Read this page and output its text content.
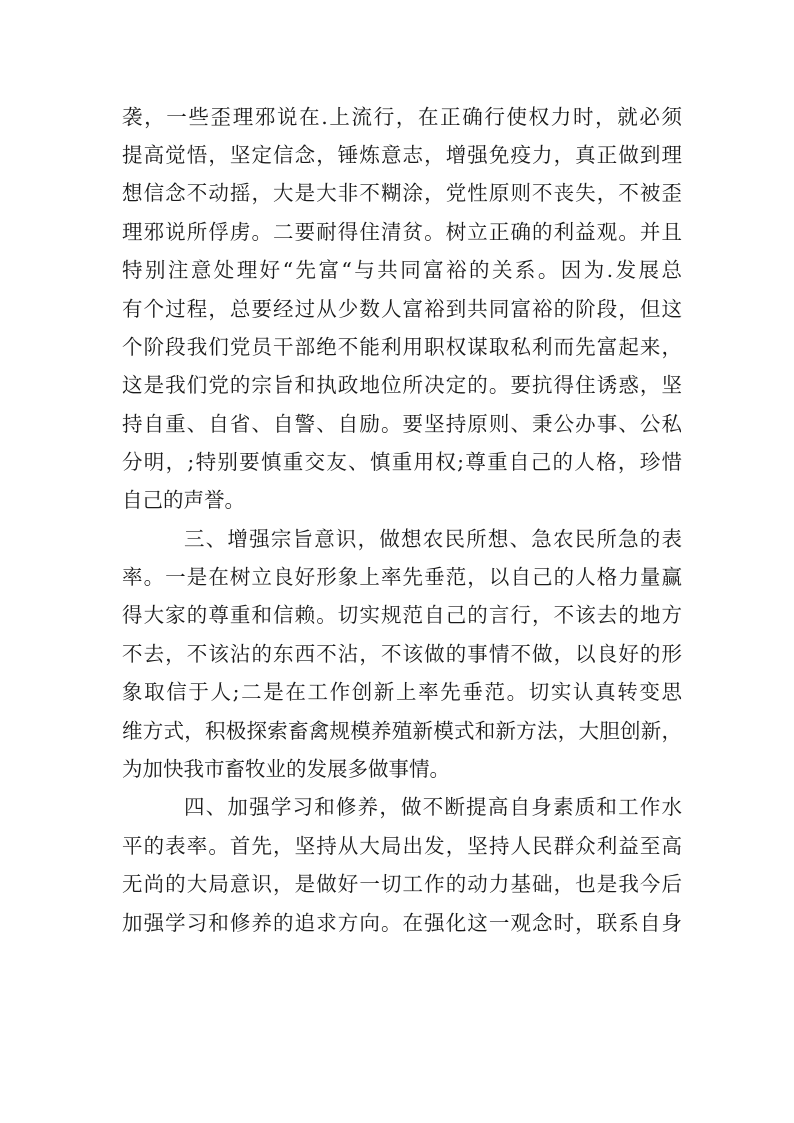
袭，一些歪理邪说在.上流行，在正确行使权力时，就必须
提高觉悟，坚定信念，锤炼意志，增强免疫力，真正做到理
想信念不动摇，大是大非不糊涂，党性原则不丧失，不被歪
理邪说所俘虏。二要耐得住清贫。树立正确的利益观。并且
特别注意处理好“先富“与共同富裕的关系。因为.发展总
有个过程，总要经过从少数人富裕到共同富裕的阶段，但这
个阶段我们党员干部绝不能利用职权谋取私利而先富起来，
这是我们党的宗旨和执政地位所决定的。要抗得住诱惑，坚
持自重、自省、自警、自励。要坚持原则、秉公办事、公私
分明，;特别要慎重交友、慎重用权;尊重自己的人格，珍惜
自己的声誉。
三、增强宗旨意识，做想农民所想、急农民所急的表
率。一是在树立良好形象上率先垂范，以自己的人格力量赢
得大家的尊重和信赖。切实规范自己的言行，不该去的地方
不去，不该沾的东西不沾，不该做的事情不做，以良好的形
象取信于人;二是在工作创新上率先垂范。切实认真转变思
维方式，积极探索畜禽规模养殖新模式和新方法，大胆创新，
为加快我市畜牧业的发展多做事情。
四、加强学习和修养，做不断提高自身素质和工作水
平的表率。首先，坚持从大局出发，坚持人民群众利益至高
无尚的大局意识，是做好一切工作的动力基础，也是我今后
加强学习和修养的追求方向。在强化这一观念时，联系自身
